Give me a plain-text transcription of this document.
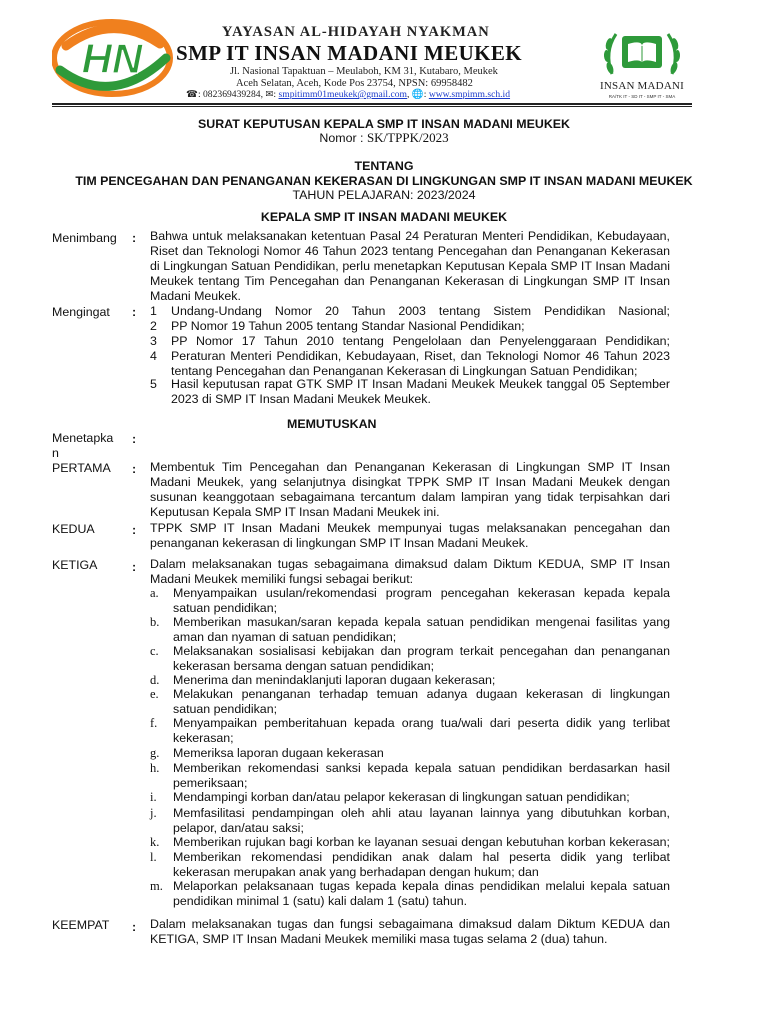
HN
YAYASAN AL-HIDAYAH NYAKMAN
SMP IT INSAN MADANI MEUKEK
Jl. Nasional Tapaktuan – Meulaboh, KM 31, Kutabaro, Meukek
Aceh Selatan, Aceh, Kode Pos 23754, NPSN: 69958482
☎: 082369439284, ✉: smpitimm01meukek@gmail.com, 🌐: www.smpimm.sch.id
INSAN MADANI
RA/TK IT - SD IT - SMP IT - SMA
SURAT KEPUTUSAN KEPALA SMP IT INSAN MADANI MEUKEK
Nomor : SK/TPPK/2023
TENTANG
TIM PENCEGAHAN DAN PENANGANAN KEKERASAN DI LINGKUNGAN SMP IT INSAN MADANI MEUKEK
TAHUN PELAJARAN: 2023/2024
KEPALA SMP IT INSAN MADANI MEUKEK
Menimbang : Bahwa untuk melaksanakan ketentuan Pasal 24 Peraturan Menteri Pendidikan, Kebudayaan,
Riset dan Teknologi Nomor 46 Tahun 2023 tentang Pencegahan dan Penanganan Kekerasan
di Lingkungan Satuan Pendidikan, perlu menetapkan Keputusan Kepala SMP IT Insan Madani
Meukek tentang Tim Pencegahan dan Penanganan Kekerasan di Lingkungan SMP IT Insan
Madani Meukek.
Mengingat : 1 Undang-Undang Nomor 20 Tahun 2003 tentang Sistem Pendidikan Nasional;
2 PP Nomor 19 Tahun 2005 tentang Standar Nasional Pendidikan;
3 PP Nomor 17 Tahun 2010 tentang Pengelolaan dan Penyelenggaraan Pendidikan;
4 Peraturan Menteri Pendidikan, Kebudayaan, Riset, dan Teknologi Nomor 46 Tahun 2023
tentang Pencegahan dan Penanganan Kekerasan di Lingkungan Satuan Pendidikan;
5 Hasil keputusan rapat GTK SMP IT Insan Madani Meukek Meukek tanggal 05 September
2023 di SMP IT Insan Madani Meukek Meukek.
MEMUTUSKAN
Menetapka
n
:
PERTAMA : Membentuk Tim Pencegahan dan Penanganan Kekerasan di Lingkungan SMP IT Insan
Madani Meukek, yang selanjutnya disingkat TPPK SMP IT Insan Madani Meukek dengan
susunan keanggotaan sebagaimana tercantum dalam lampiran yang tidak terpisahkan dari
Keputusan Kepala SMP IT Insan Madani Meukek ini.
KEDUA	: TPPK SMP IT Insan Madani Meukek mempunyai tugas melaksanakan pencegahan dan
penanganan kekerasan di lingkungan SMP IT Insan Madani Meukek.
KETIGA	: Dalam melaksanakan tugas sebagaimana dimaksud dalam Diktum KEDUA, SMP IT Insan
Madani Meukek memiliki fungsi sebagai berikut:
a. Menyampaikan usulan/rekomendasi program pencegahan kekerasan kepada kepala
satuan pendidikan;
b. Memberikan masukan/saran kepada kepala satuan pendidikan mengenai fasilitas yang
aman dan nyaman di satuan pendidikan;
c. Melaksanakan sosialisasi kebijakan dan program terkait pencegahan dan penanganan
kekerasan bersama dengan satuan pendidikan;
d. Menerima dan menindaklanjuti laporan dugaan kekerasan;
e. Melakukan penanganan terhadap temuan adanya dugaan kekerasan di lingkungan
satuan pendidikan;
f. Menyampaikan pemberitahuan kepada orang tua/wali dari peserta didik yang terlibat
kekerasan;
g. Memeriksa laporan dugaan kekerasan
h. Memberikan rekomendasi sanksi kepada kepala satuan pendidikan berdasarkan hasil
pemeriksaan;
i. Mendampingi korban dan/atau pelapor kekerasan di lingkungan satuan pendidikan;
j. Memfasilitasi pendampingan oleh ahli atau layanan lainnya yang dibutuhkan korban,
pelapor, dan/atau saksi;
k. Memberikan rujukan bagi korban ke layanan sesuai dengan kebutuhan korban kekerasan;
l. Memberikan rekomendasi pendidikan anak dalam hal peserta didik yang terlibat
kekerasan merupakan anak yang berhadapan dengan hukum; dan
m. Melaporkan pelaksanaan tugas kepada kepala dinas pendidikan melalui kepala satuan
pendidikan minimal 1 (satu) kali dalam 1 (satu) tahun.
KEEMPAT : Dalam melaksanakan tugas dan fungsi sebagaimana dimaksud dalam Diktum KEDUA dan
KETIGA, SMP IT Insan Madani Meukek memiliki masa tugas selama 2 (dua) tahun.
